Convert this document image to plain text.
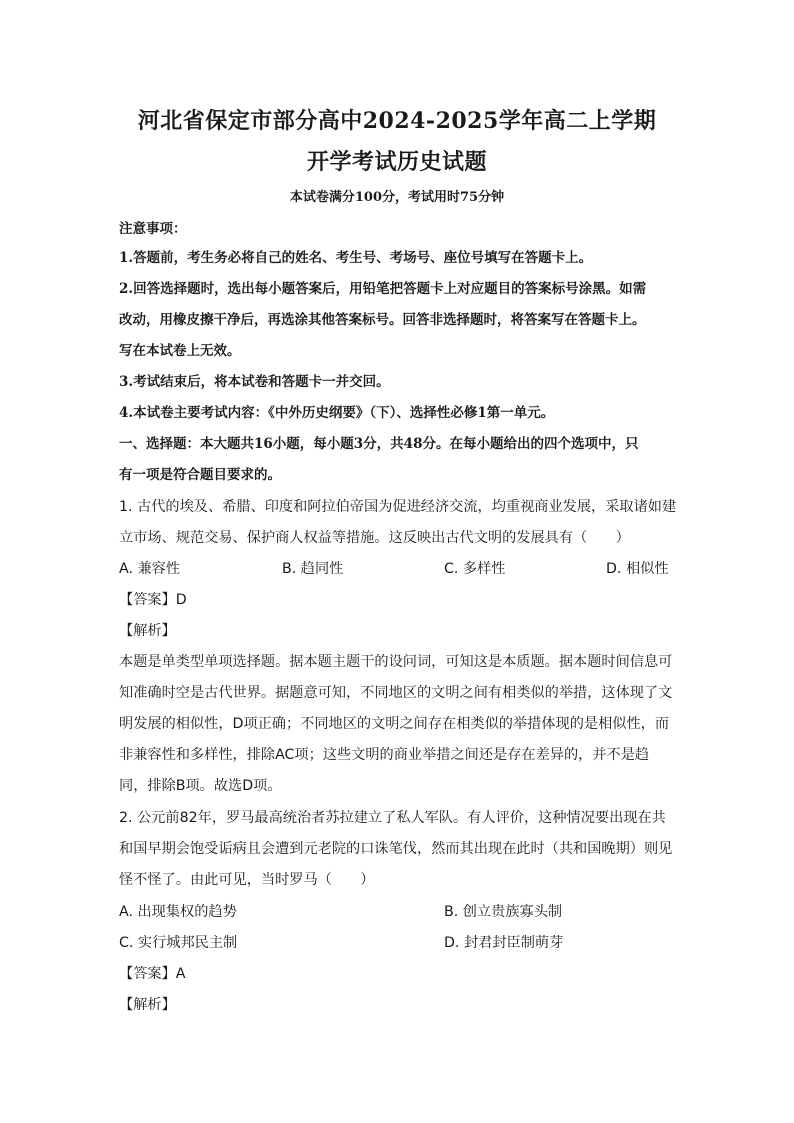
河北省保定市部分高中2024-2025学年高二上学期
开学考试历史试题
本试卷满分100分，考试用时75分钟
注意事项：
1.答题前，考生务必将自己的姓名、考生号、考场号、座位号填写在答题卡上。
2.回答选择题时，选出每小题答案后，用铅笔把答题卡上对应题目的答案标号涂黑。如需
改动，用橡皮擦干净后，再选涂其他答案标号。回答非选择题时，将答案写在答题卡上。
写在本试卷上无效。
3.考试结束后，将本试卷和答题卡一并交回。
4.本试卷主要考试内容：《中外历史纲要》（下）、选择性必修1第一单元。
一、选择题：本大题共16小题，每小题3分，共48分。在每小题给出的四个选项中，只
有一项是符合题目要求的。
1. 古代的埃及、希腊、印度和阿拉伯帝国为促进经济交流，均重视商业发展，采取诸如建
立市场、规范交易、保护商人权益等措施。这反映出古代文明的发展具有（　　）
A. 兼容性	B. 趋同性	C. 多样性	D. 相似性
【答案】D
【解析】
本题是单类型单项选择题。据本题主题干的设问词，可知这是本质题。据本题时间信息可
知准确时空是古代世界。据题意可知，不同地区的文明之间有相类似的举措，这体现了文
明发展的相似性，D项正确；不同地区的文明之间存在相类似的举措体现的是相似性，而
非兼容性和多样性，排除AC项；这些文明的商业举措之间还是存在差异的，并不是趋
同，排除B项。故选D项。
2. 公元前82年，罗马最高统治者苏拉建立了私人军队。有人评价，这种情况要出现在共
和国早期会饱受诟病且会遭到元老院的口诛笔伐，然而其出现在此时（共和国晚期）则见
怪不怪了。由此可见，当时罗马（　　）
A. 出现集权的趋势	B. 创立贵族寡头制
C. 实行城邦民主制	D. 封君封臣制萌芽
【答案】A
【解析】
